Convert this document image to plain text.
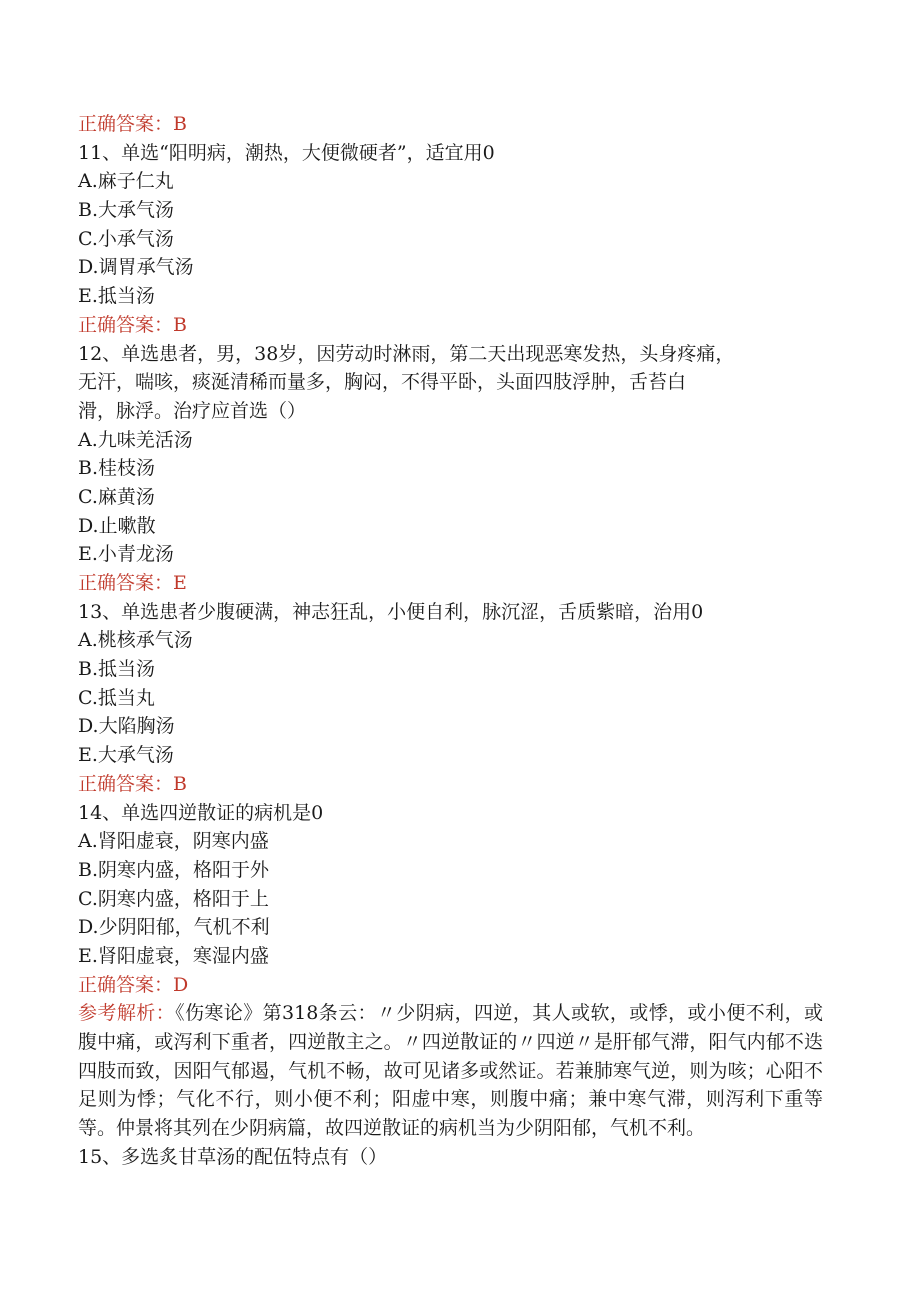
正确答案：B
11、单选“阳明病，潮热，大便微硬者”，适宜用0
A.麻子仁丸
B.大承气汤
C.小承气汤
D.调胃承气汤
E.抵当汤
正确答案：B
12、单选患者，男，38岁，因劳动时淋雨，第二天出现恶寒发热，头身疼痛，
无汗，喘咳，痰涎清稀而量多，胸闷，不得平卧，头面四肢浮肿，舌苔白
滑，脉浮。治疗应首选（）
A.九味羌活汤
B.桂枝汤
C.麻黄汤
D.止嗽散
E.小青龙汤
正确答案：E
13、单选患者少腹硬满，神志狂乱，小便自利，脉沉涩，舌质紫暗，治用0
A.桃核承气汤
B.抵当汤
C.抵当丸
D.大陷胸汤
E.大承气汤
正确答案：B
14、单选四逆散证的病机是0
A.肾阳虚衰，阴寒内盛
B.阴寒内盛，格阳于外
C.阴寒内盛，格阳于上
D.少阴阳郁，气机不利
E.肾阳虚衰，寒湿内盛
正确答案：D
参考解析：《伤寒论》第318条云：〃少阴病，四逆，其人或软，或悸，或小便不利，或腹中痛，或泻利下重者，四逆散主之。〃四逆散证的〃四逆〃是肝郁气滞，阳气内郁不迭四肢而致，因阳气郁遏，气机不畅，故可见诸多或然证。若兼肺寒气逆，则为咳；心阳不足则为悸；气化不行，则小便不利；阳虚中寒，则腹中痛；兼中寒气滞，则泻利下重等等。仲景将其列在少阴病篇，故四逆散证的病机当为少阴阳郁，气机不利。
15、多选炙甘草汤的配伍特点有（）
